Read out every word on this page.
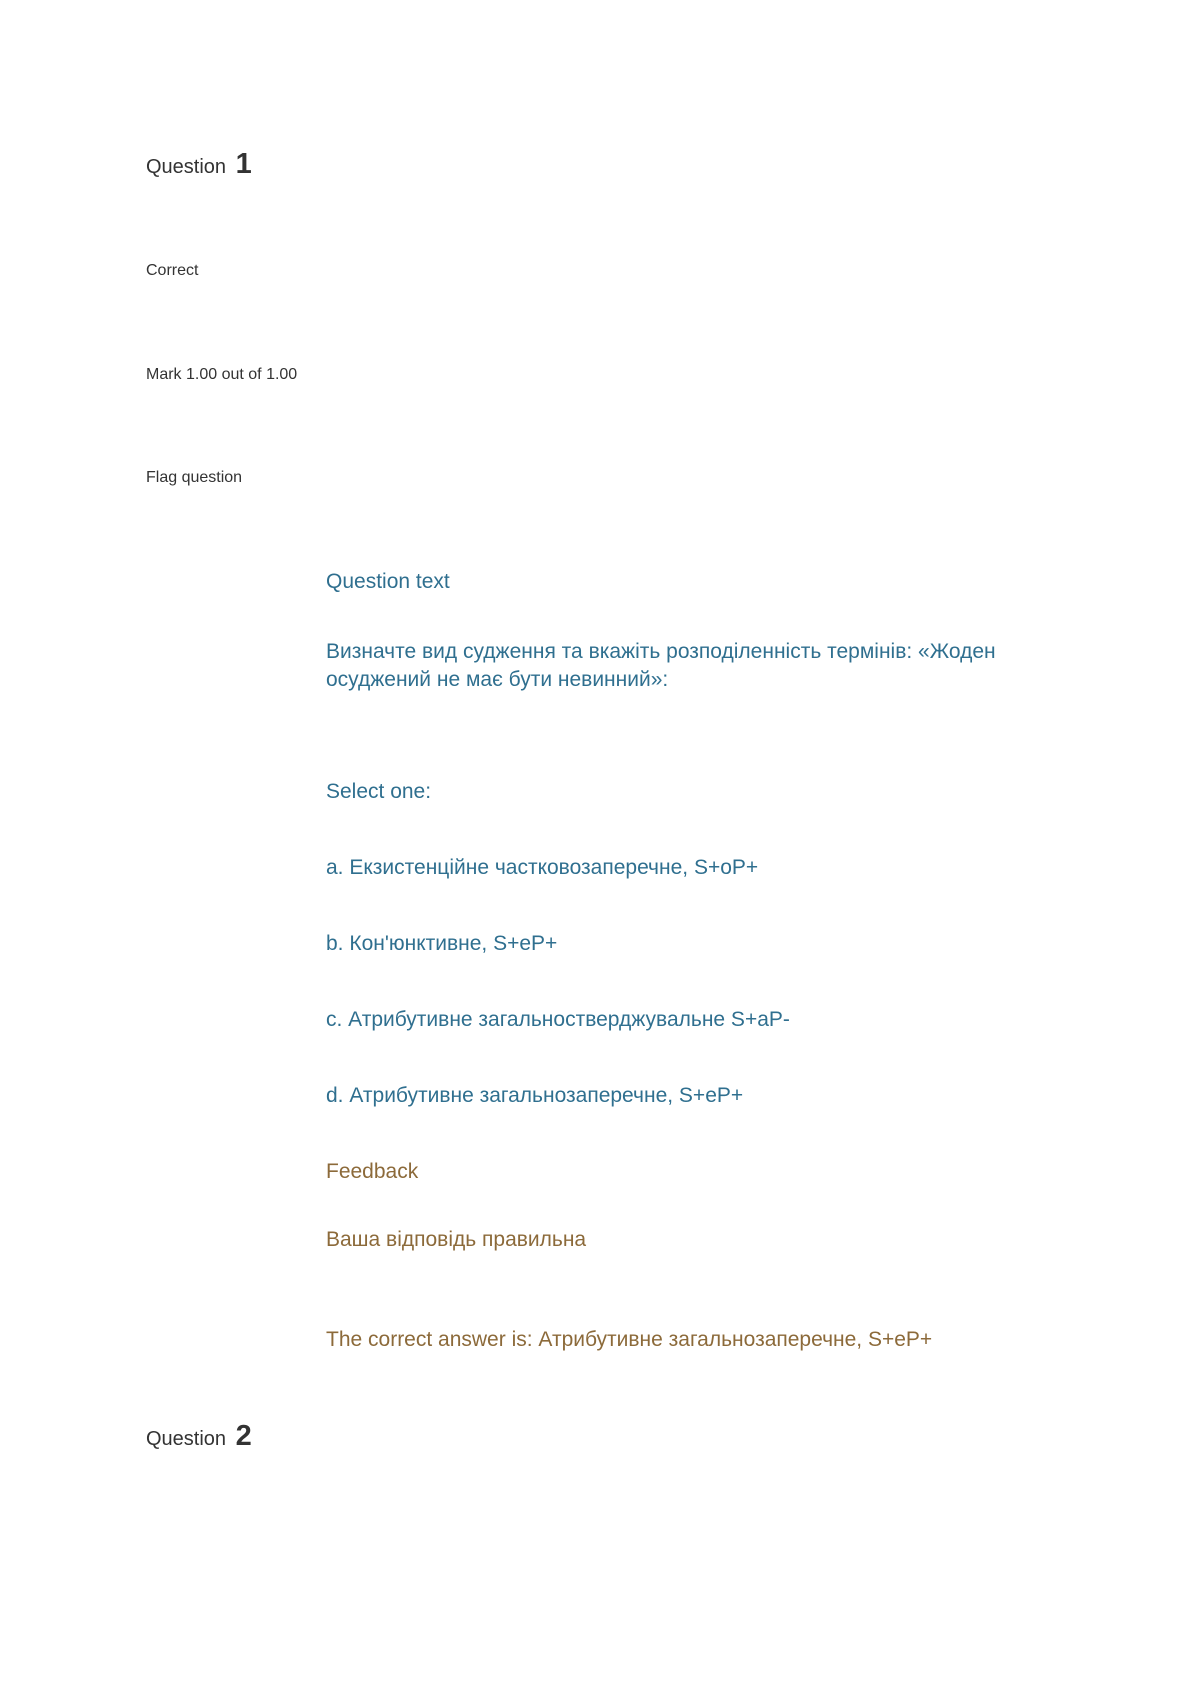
Question 1
Correct
Mark 1.00 out of 1.00
Flag question
Question text
Визначте вид судження та вкажіть розподіленність термінів: «Жоден осуджений не має бути невинний»:
Select one:
a. Екзистенційне частковозаперечне, S+oP+
b. Кон'юнктивне, S+eP+
c. Атрибутивне загальностверджувальне S+aP-
d. Атрибутивне загальнозаперечне, S+eP+
Feedback
Ваша відповідь правильна
The correct answer is: Атрибутивне загальнозаперечне, S+eP+
Question 2
